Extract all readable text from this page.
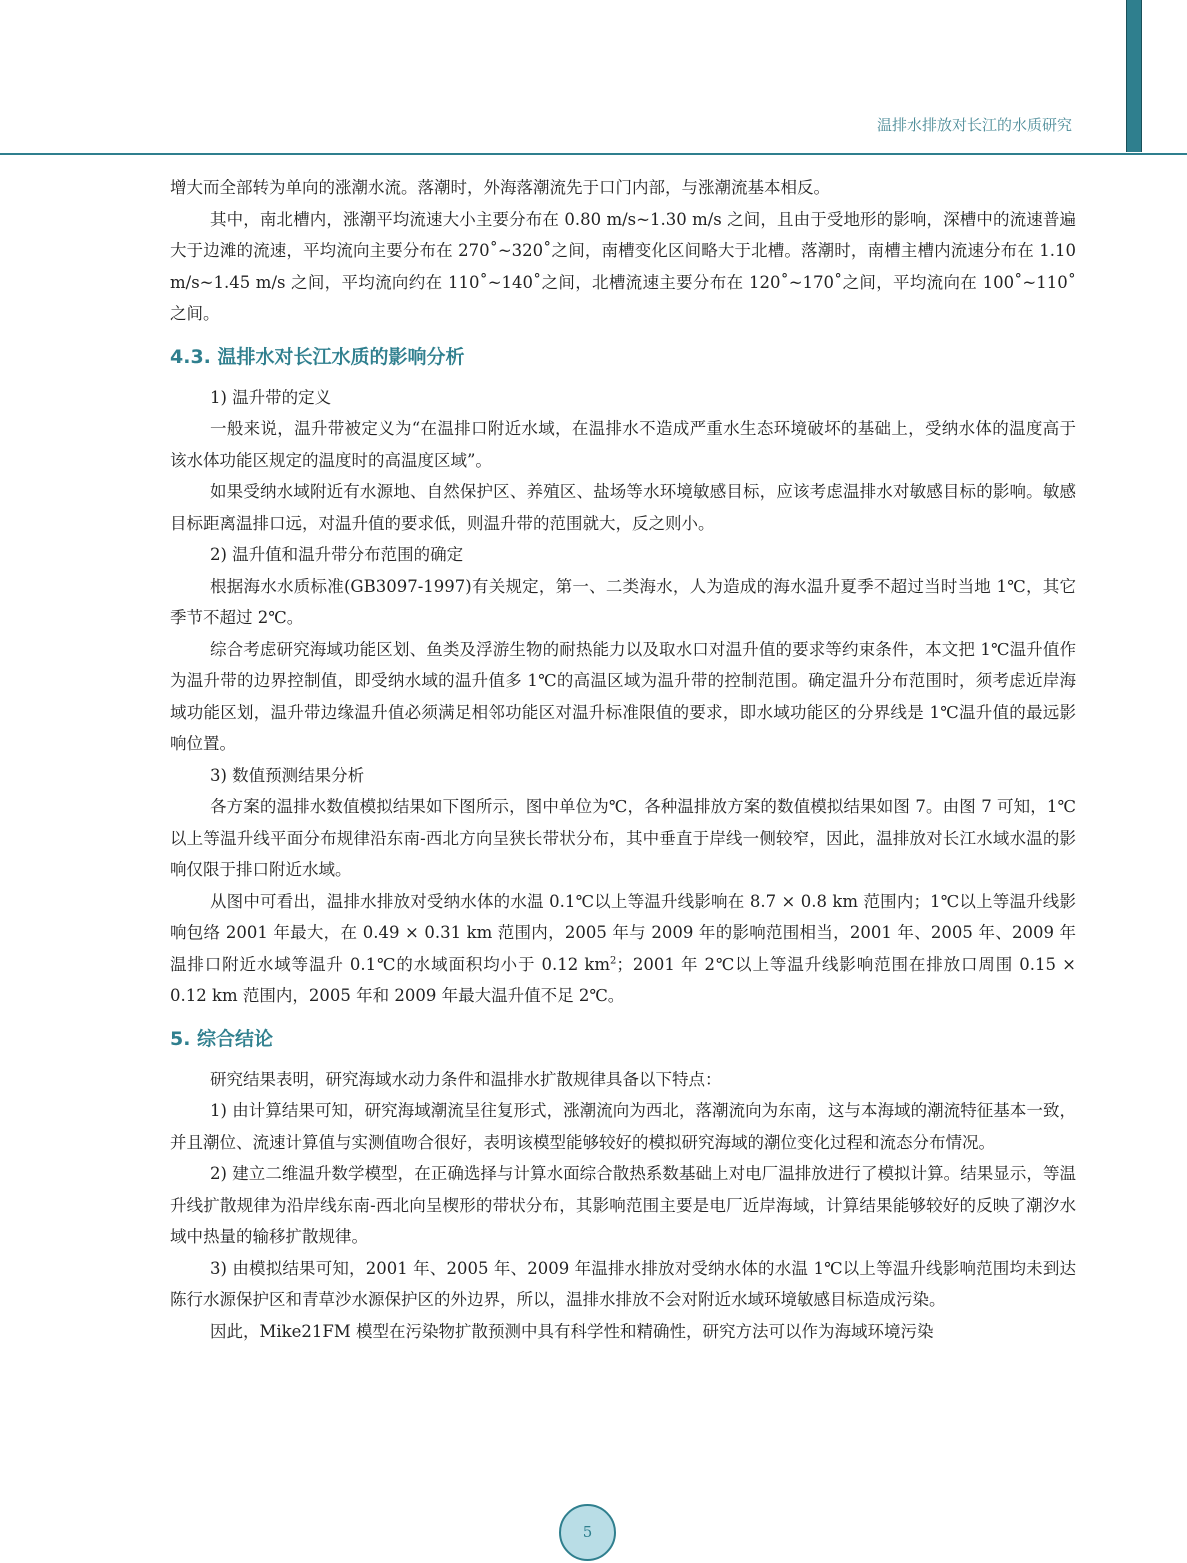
温排水排放对长江的水质研究

增大而全部转为单向的涨潮水流。落潮时，外海落潮流先于口门内部，与涨潮流基本相反。

其中，南北槽内，涨潮平均流速大小主要分布在 0.80 m/s~1.30 m/s 之间，且由于受地形的影响，深槽中的流速普遍大于边滩的流速，平均流向主要分布在 270˚~320˚之间，南槽变化区间略大于北槽。落潮时，南槽主槽内流速分布在 1.10 m/s~1.45 m/s 之间，平均流向约在 110˚~140˚之间，北槽流速主要分布在 120˚~170˚之间，平均流向在 100˚~110˚之间。

4.3. 温排水对长江水质的影响分析

1) 温升带的定义

一般来说，温升带被定义为“在温排口附近水域，在温排水不造成严重水生态环境破坏的基础上，受纳水体的温度高于该水体功能区规定的温度时的高温度区域”。

如果受纳水域附近有水源地、自然保护区、养殖区、盐场等水环境敏感目标，应该考虑温排水对敏感目标的影响。敏感目标距离温排口远，对温升值的要求低，则温升带的范围就大，反之则小。

2) 温升值和温升带分布范围的确定

根据海水水质标准(GB3097-1997)有关规定，第一、二类海水，人为造成的海水温升夏季不超过当时当地 1℃，其它季节不超过 2℃。

综合考虑研究海域功能区划、鱼类及浮游生物的耐热能力以及取水口对温升值的要求等约束条件，本文把 1℃温升值作为温升带的边界控制值，即受纳水域的温升值多 1℃的高温区域为温升带的控制范围。确定温升分布范围时，须考虑近岸海域功能区划，温升带边缘温升值必须满足相邻功能区对温升标准限值的要求，即水域功能区的分界线是 1℃温升值的最远影响位置。

3) 数值预测结果分析

各方案的温排水数值模拟结果如下图所示，图中单位为℃，各种温排放方案的数值模拟结果如图 7。由图 7 可知，1℃以上等温升线平面分布规律沿东南-西北方向呈狭长带状分布，其中垂直于岸线一侧较窄，因此，温排放对长江水域水温的影响仅限于排口附近水域。

从图中可看出，温排水排放对受纳水体的水温 0.1℃以上等温升线影响在 8.7 × 0.8 km 范围内；1℃以上等温升线影响包络 2001 年最大，在 0.49 × 0.31 km 范围内，2005 年与 2009 年的影响范围相当，2001 年、2005 年、2009 年温排口附近水域等温升 0.1℃的水域面积均小于 0.12 $km^2$；2001 年 2℃以上等温升线影响范围在排放口周围 0.15 × 0.12 km 范围内，2005 年和 2009 年最大温升值不足 2℃。

5. 综合结论

研究结果表明，研究海域水动力条件和温排水扩散规律具备以下特点：

1) 由计算结果可知，研究海域潮流呈往复形式，涨潮流向为西北，落潮流向为东南，这与本海域的潮流特征基本一致，并且潮位、流速计算值与实测值吻合很好，表明该模型能够较好的模拟研究海域的潮位变化过程和流态分布情况。

2) 建立二维温升数学模型，在正确选择与计算水面综合散热系数基础上对电厂温排放进行了模拟计算。结果显示，等温升线扩散规律为沿岸线东南-西北向呈楔形的带状分布，其影响范围主要是电厂近岸海域，计算结果能够较好的反映了潮汐水域中热量的输移扩散规律。

3) 由模拟结果可知，2001 年、2005 年、2009 年温排水排放对受纳水体的水温 1℃以上等温升线影响范围均未到达陈行水源保护区和青草沙水源保护区的外边界，所以，温排水排放不会对附近水域环境敏感目标造成污染。

因此，Mike21FM 模型在污染物扩散预测中具有科学性和精确性，研究方法可以作为海域环境污染

5
